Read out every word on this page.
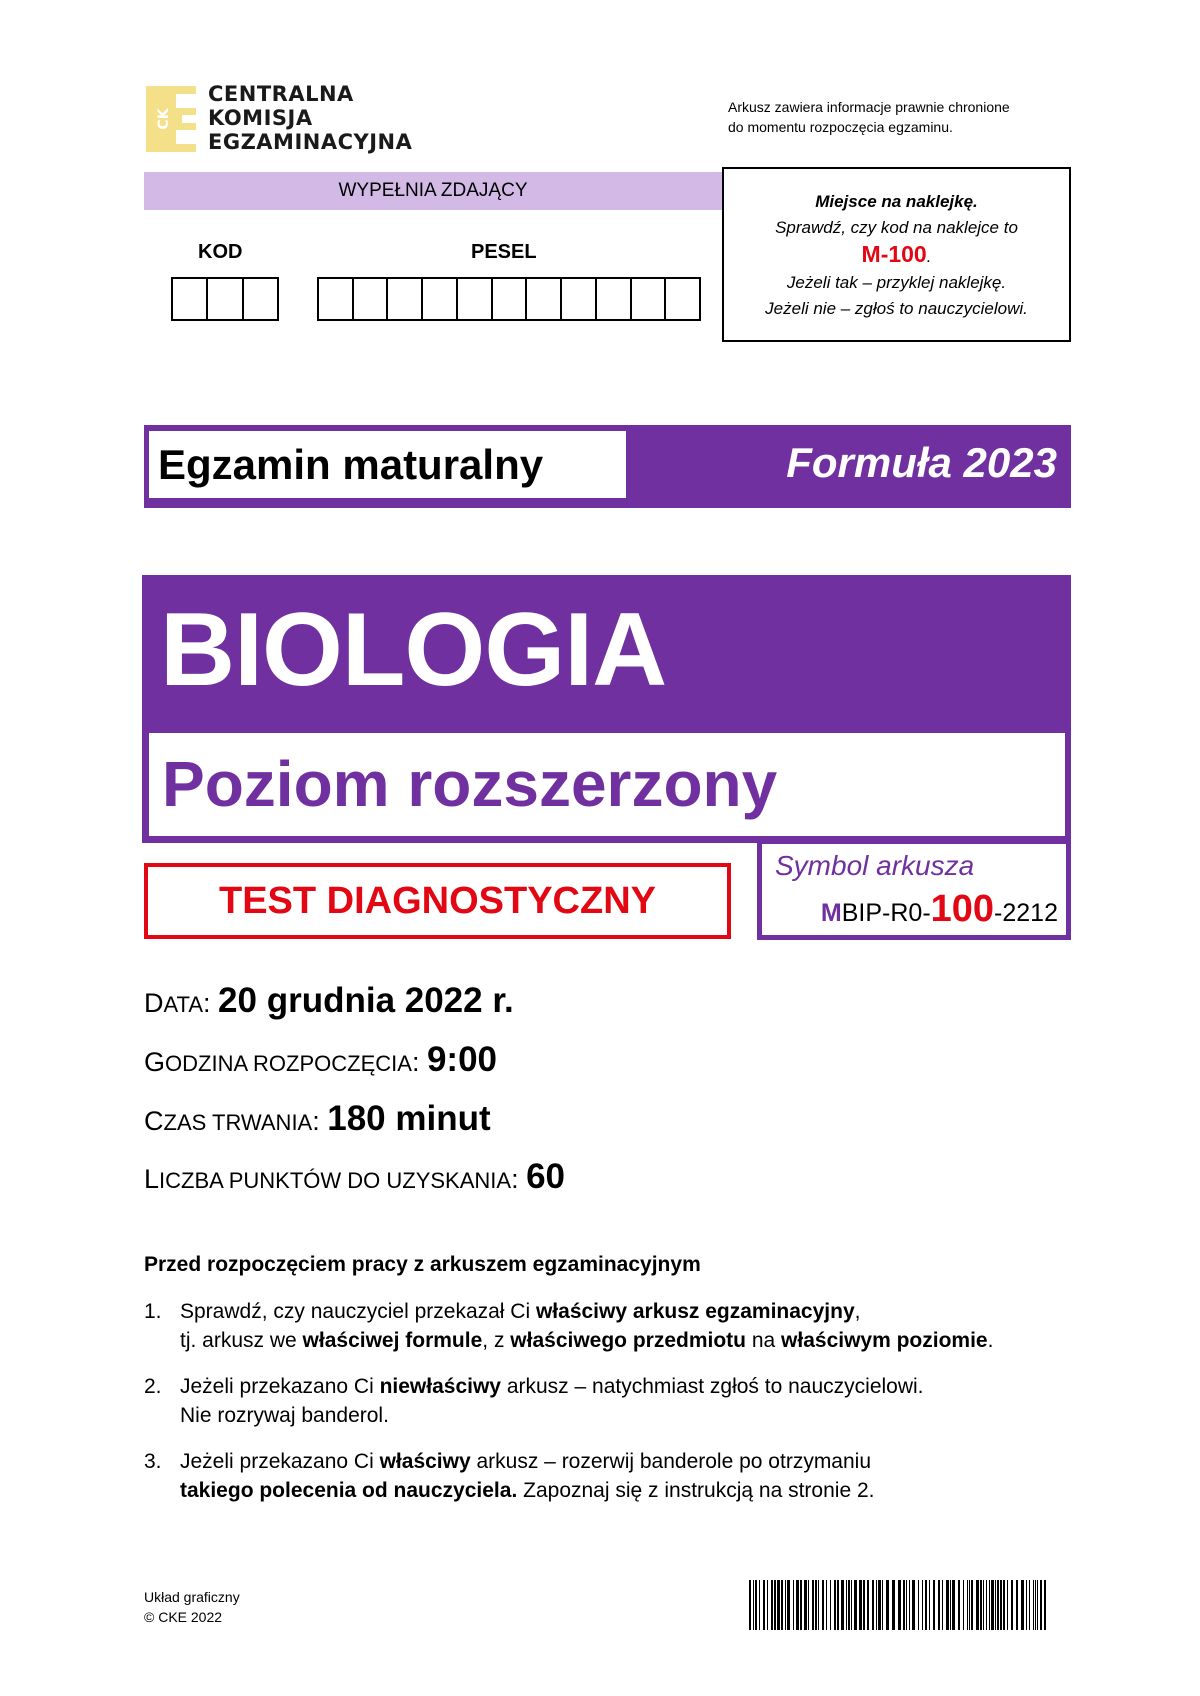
CK
CENTRALNA
KOMISJA
EGZAMINACYJNA
Arkusz zawiera informacje prawnie chronione
do momentu rozpoczęcia egzaminu.
WYPEŁNIA ZDAJĄCY
KOD	PESEL
Miejsce na naklejkę.
Sprawdź, czy kod na naklejce to
M-100.
Jeżeli tak – przyklej naklejkę.
Jeżeli nie – zgłoś to nauczycielowi.
Egzamin maturalny	Formuła 2023
BIOLOGIA
Poziom rozszerzony
TEST DIAGNOSTYCZNY
Symbol arkusza
MBIP-R0-100-2212
DATA: 20 grudnia 2022 r.
GODZINA ROZPOCZĘCIA: 9:00
CZAS TRWANIA: 180 minut
LICZBA PUNKTÓW DO UZYSKANIA: 60
Przed rozpoczęciem pracy z arkuszem egzaminacyjnym
1. Sprawdź, czy nauczyciel przekazał Ci właściwy arkusz egzaminacyjny,
tj. arkusz we właściwej formule, z właściwego przedmiotu na właściwym poziomie.
2. Jeżeli przekazano Ci niewłaściwy arkusz – natychmiast zgłoś to nauczycielowi.
Nie rozrywaj banderol.
3. Jeżeli przekazano Ci właściwy arkusz – rozerwij banderole po otrzymaniu
takiego polecenia od nauczyciela. Zapoznaj się z instrukcją na stronie 2.
Układ graficzny
© CKE 2022
